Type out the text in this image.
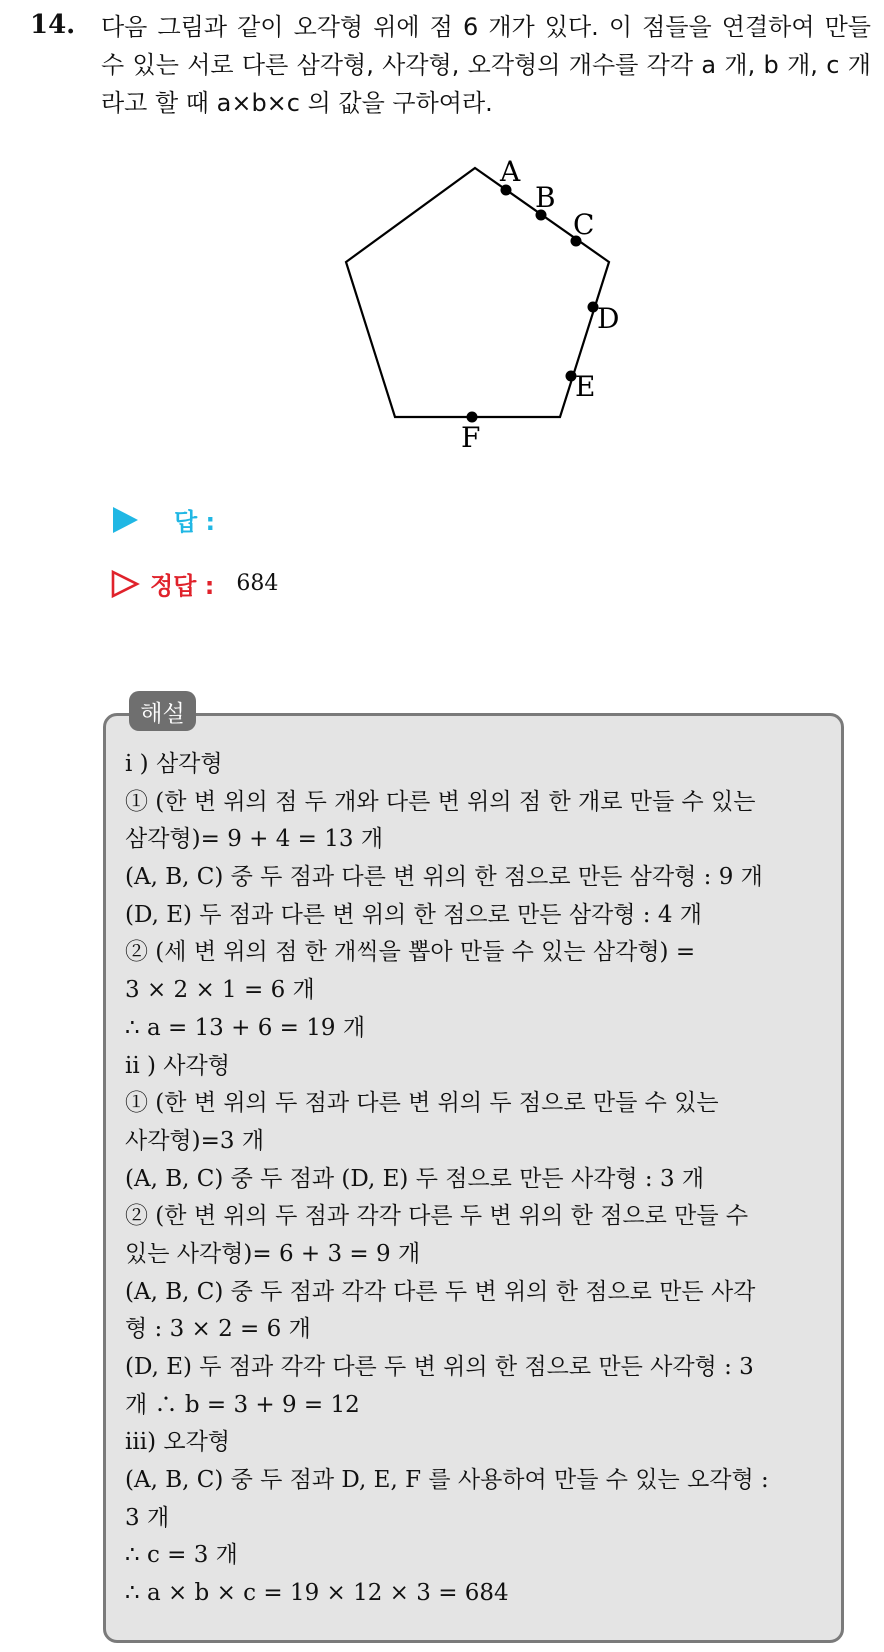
14. 다음 그림과 같이 오각형 위에 점 6 개가 있다. 이 점들을 연결하여 만들 수 있는 서로 다른 삼각형, 사각형, 오각형의 개수를 각각 a 개, b 개, c 개라고 할 때 a×b×c 의 값을 구하여라.
A
B
C
D
E
F
답 :
정답 : 684
해설
i ) 삼각형
① (한 변 위의 점 두 개와 다른 변 위의 점 한 개로 만들 수 있는
삼각형)= 9 + 4 = 13 개
(A, B, C) 중 두 점과 다른 변 위의 한 점으로 만든 삼각형 : 9 개
(D, E) 두 점과 다른 변 위의 한 점으로 만든 삼각형 : 4 개
② (세 변 위의 점 한 개씩을 뽑아 만들 수 있는 삼각형) =
3 × 2 × 1 = 6 개
∴ a = 13 + 6 = 19 개
ii ) 사각형
① (한 변 위의 두 점과 다른 변 위의 두 점으로 만들 수 있는
사각형)=3 개
(A, B, C) 중 두 점과 (D, E) 두 점으로 만든 사각형 : 3 개
② (한 변 위의 두 점과 각각 다른 두 변 위의 한 점으로 만들 수
있는 사각형)= 6 + 3 = 9 개
(A, B, C) 중 두 점과 각각 다른 두 변 위의 한 점으로 만든 사각
형 : 3 × 2 = 6 개
(D, E) 두 점과 각각 다른 두 변 위의 한 점으로 만든 사각형 : 3
개 ∴ b = 3 + 9 = 12
iii) 오각형
(A, B, C) 중 두 점과 D, E, F 를 사용하여 만들 수 있는 오각형 :
3 개
∴ c = 3 개
∴ a × b × c = 19 × 12 × 3 = 684
